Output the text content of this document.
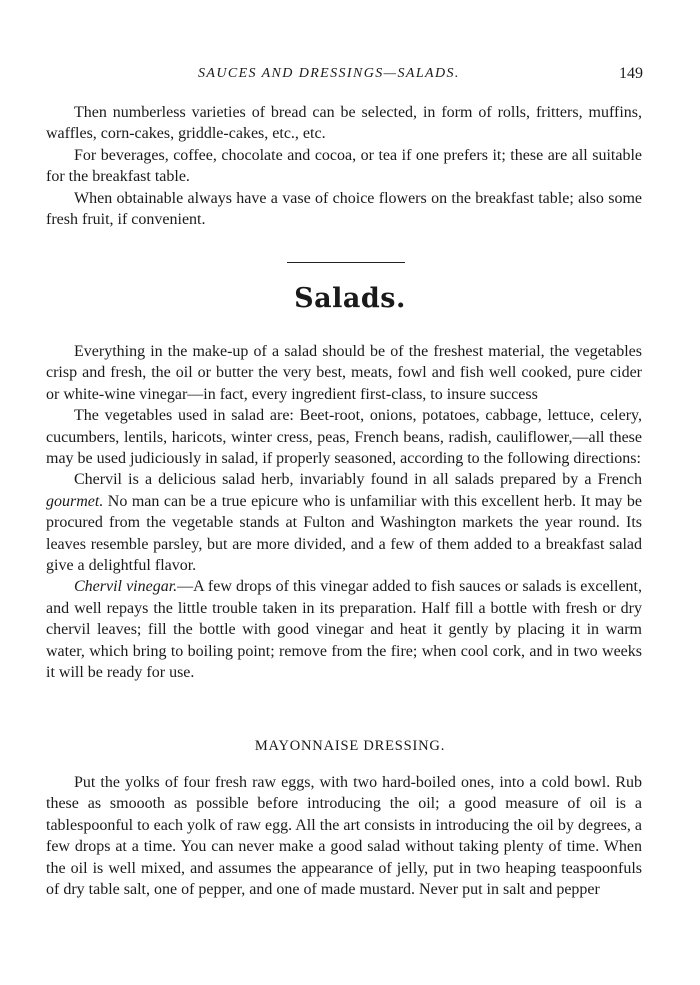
SAUCES AND DRESSINGS—SALADS.	149

Then numberless varieties of bread can be selected, in form of rolls, fritters, muffins, waffles, corn-cakes, griddle-cakes, etc., etc.

For beverages, coffee, chocolate and cocoa, or tea if one prefers it; these are all suitable for the breakfast table.

When obtainable always have a vase of choice flowers on the breakfast table; also some fresh fruit, if convenient.

Salads.

Everything in the make-up of a salad should be of the freshest material, the vegetables crisp and fresh, the oil or butter the very best, meats, fowl and fish well cooked, pure cider or white-wine vinegar—in fact, every ingredient first-class, to insure success

The vegetables used in salad are: Beet-root, onions, potatoes, cabbage, lettuce, celery, cucumbers, lentils, haricots, winter cress, peas, French beans, radish, cauliflower,—all these may be used judiciously in salad, if properly seasoned, according to the following directions:

Chervil is a delicious salad herb, invariably found in all salads prepared by a French gourmet. No man can be a true epicure who is unfamiliar with this excellent herb. It may be procured from the vegetable stands at Fulton and Washington markets the year round. Its leaves resemble parsley, but are more divided, and a few of them added to a breakfast salad give a delightful flavor.

Chervil vinegar.—A few drops of this vinegar added to fish sauces or salads is excellent, and well repays the little trouble taken in its preparation. Half fill a bottle with fresh or dry chervil leaves; fill the bottle with good vinegar and heat it gently by placing it in warm water, which bring to boiling point; remove from the fire; when cool cork, and in two weeks it will be ready for use.

MAYONNAISE DRESSING.

Put the yolks of four fresh raw eggs, with two hard-boiled ones, into a cold bowl. Rub these as smoooth as possible before introducing the oil; a good measure of oil is a tablespoonful to each yolk of raw egg. All the art consists in introducing the oil by degrees, a few drops at a time. You can never make a good salad without taking plenty of time. When the oil is well mixed, and assumes the appearance of jelly, put in two heaping teaspoonfuls of dry table salt, one of pepper, and one of made mustard. Never put in salt and pepper
